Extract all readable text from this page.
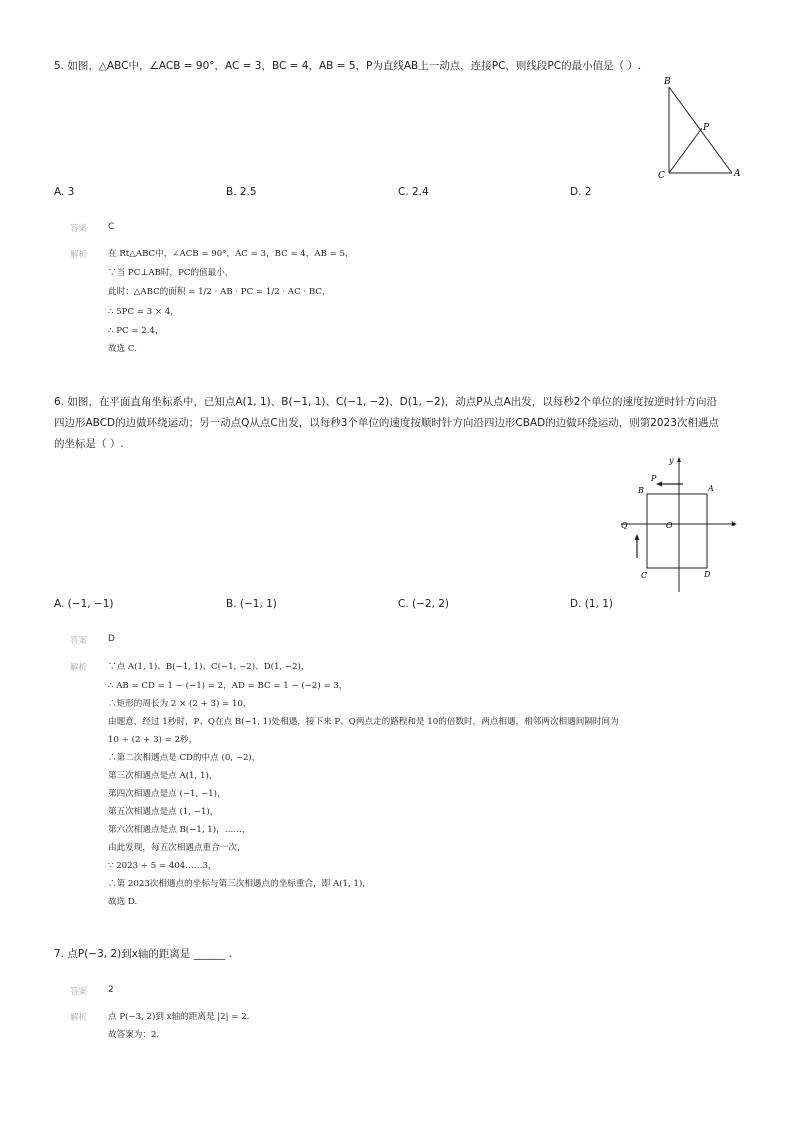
5. 如图，△ABC中，∠ACB = 90°，AC = 3，BC = 4，AB = 5，P为直线AB上一动点，连接PC，则线段PC的最小值是（ ）.
B
P
C	A
A. 3	B. 2.5	C. 2.4	D. 2
答案 C
解析 在 Rt△ABC中，∠ACB = 90°，AC = 3，BC = 4，AB = 5，
∵当 PC⊥AB时，PC的值最小，
此时：△ABC的面积 = 1/2 · AB · PC = 1/2 · AC · BC，
∴ 5PC = 3 × 4，
∴ PC = 2.4，
故选 C.
6. 如图，在平面直角坐标系中，已知点A(1, 1)、B(−1, 1)、C(−1, −2)、D(1, −2)，动点P从点A出发，以每秒2个单位的速度按逆时针方向沿
四边形ABCD的边做环绕运动；另一动点Q从点C出发，以每秒3个单位的速度按顺时针方向沿四边形CBAD的边做环绕运动，则第2023次相遇点
的坐标是（ ）.
y
x
P
B	A
Q	O
C	D
A. (−1, −1)	B. (−1, 1)	C. (−2, 2)	D. (1, 1)
答案 D
解析 ∵点 A(1, 1)、B(−1, 1)、C(−1, −2)、D(1, −2)，
∴ AB = CD = 1 − (−1) = 2，AD = BC = 1 − (−2) = 3，
∴矩形的周长为 2 × (2 + 3) = 10，
由题意，经过 1秒时，P、Q在点 B(−1, 1)处相遇，接下来 P、Q两点走的路程和是 10的倍数时，两点相遇，相邻两次相遇间隔时间为
10 ÷ (2 + 3) = 2秒，
∴第二次相遇点是 CD的中点 (0, −2)，
第三次相遇点是点 A(1, 1)，
第四次相遇点是点 (−1, −1)，
第五次相遇点是点 (1, −1)，
第六次相遇点是点 B(−1, 1)，……，
由此发现，每五次相遇点重合一次，
∵ 2023 ÷ 5 = 404……3，
∴第 2023次相遇点的坐标与第三次相遇点的坐标重合，即 A(1, 1)，
故选 D.
7. 点P(−3, 2)到x轴的距离是 ______ .
答案 2
解析 点 P(−3, 2)到 x轴的距离是 |2| = 2.
故答案为：2.
